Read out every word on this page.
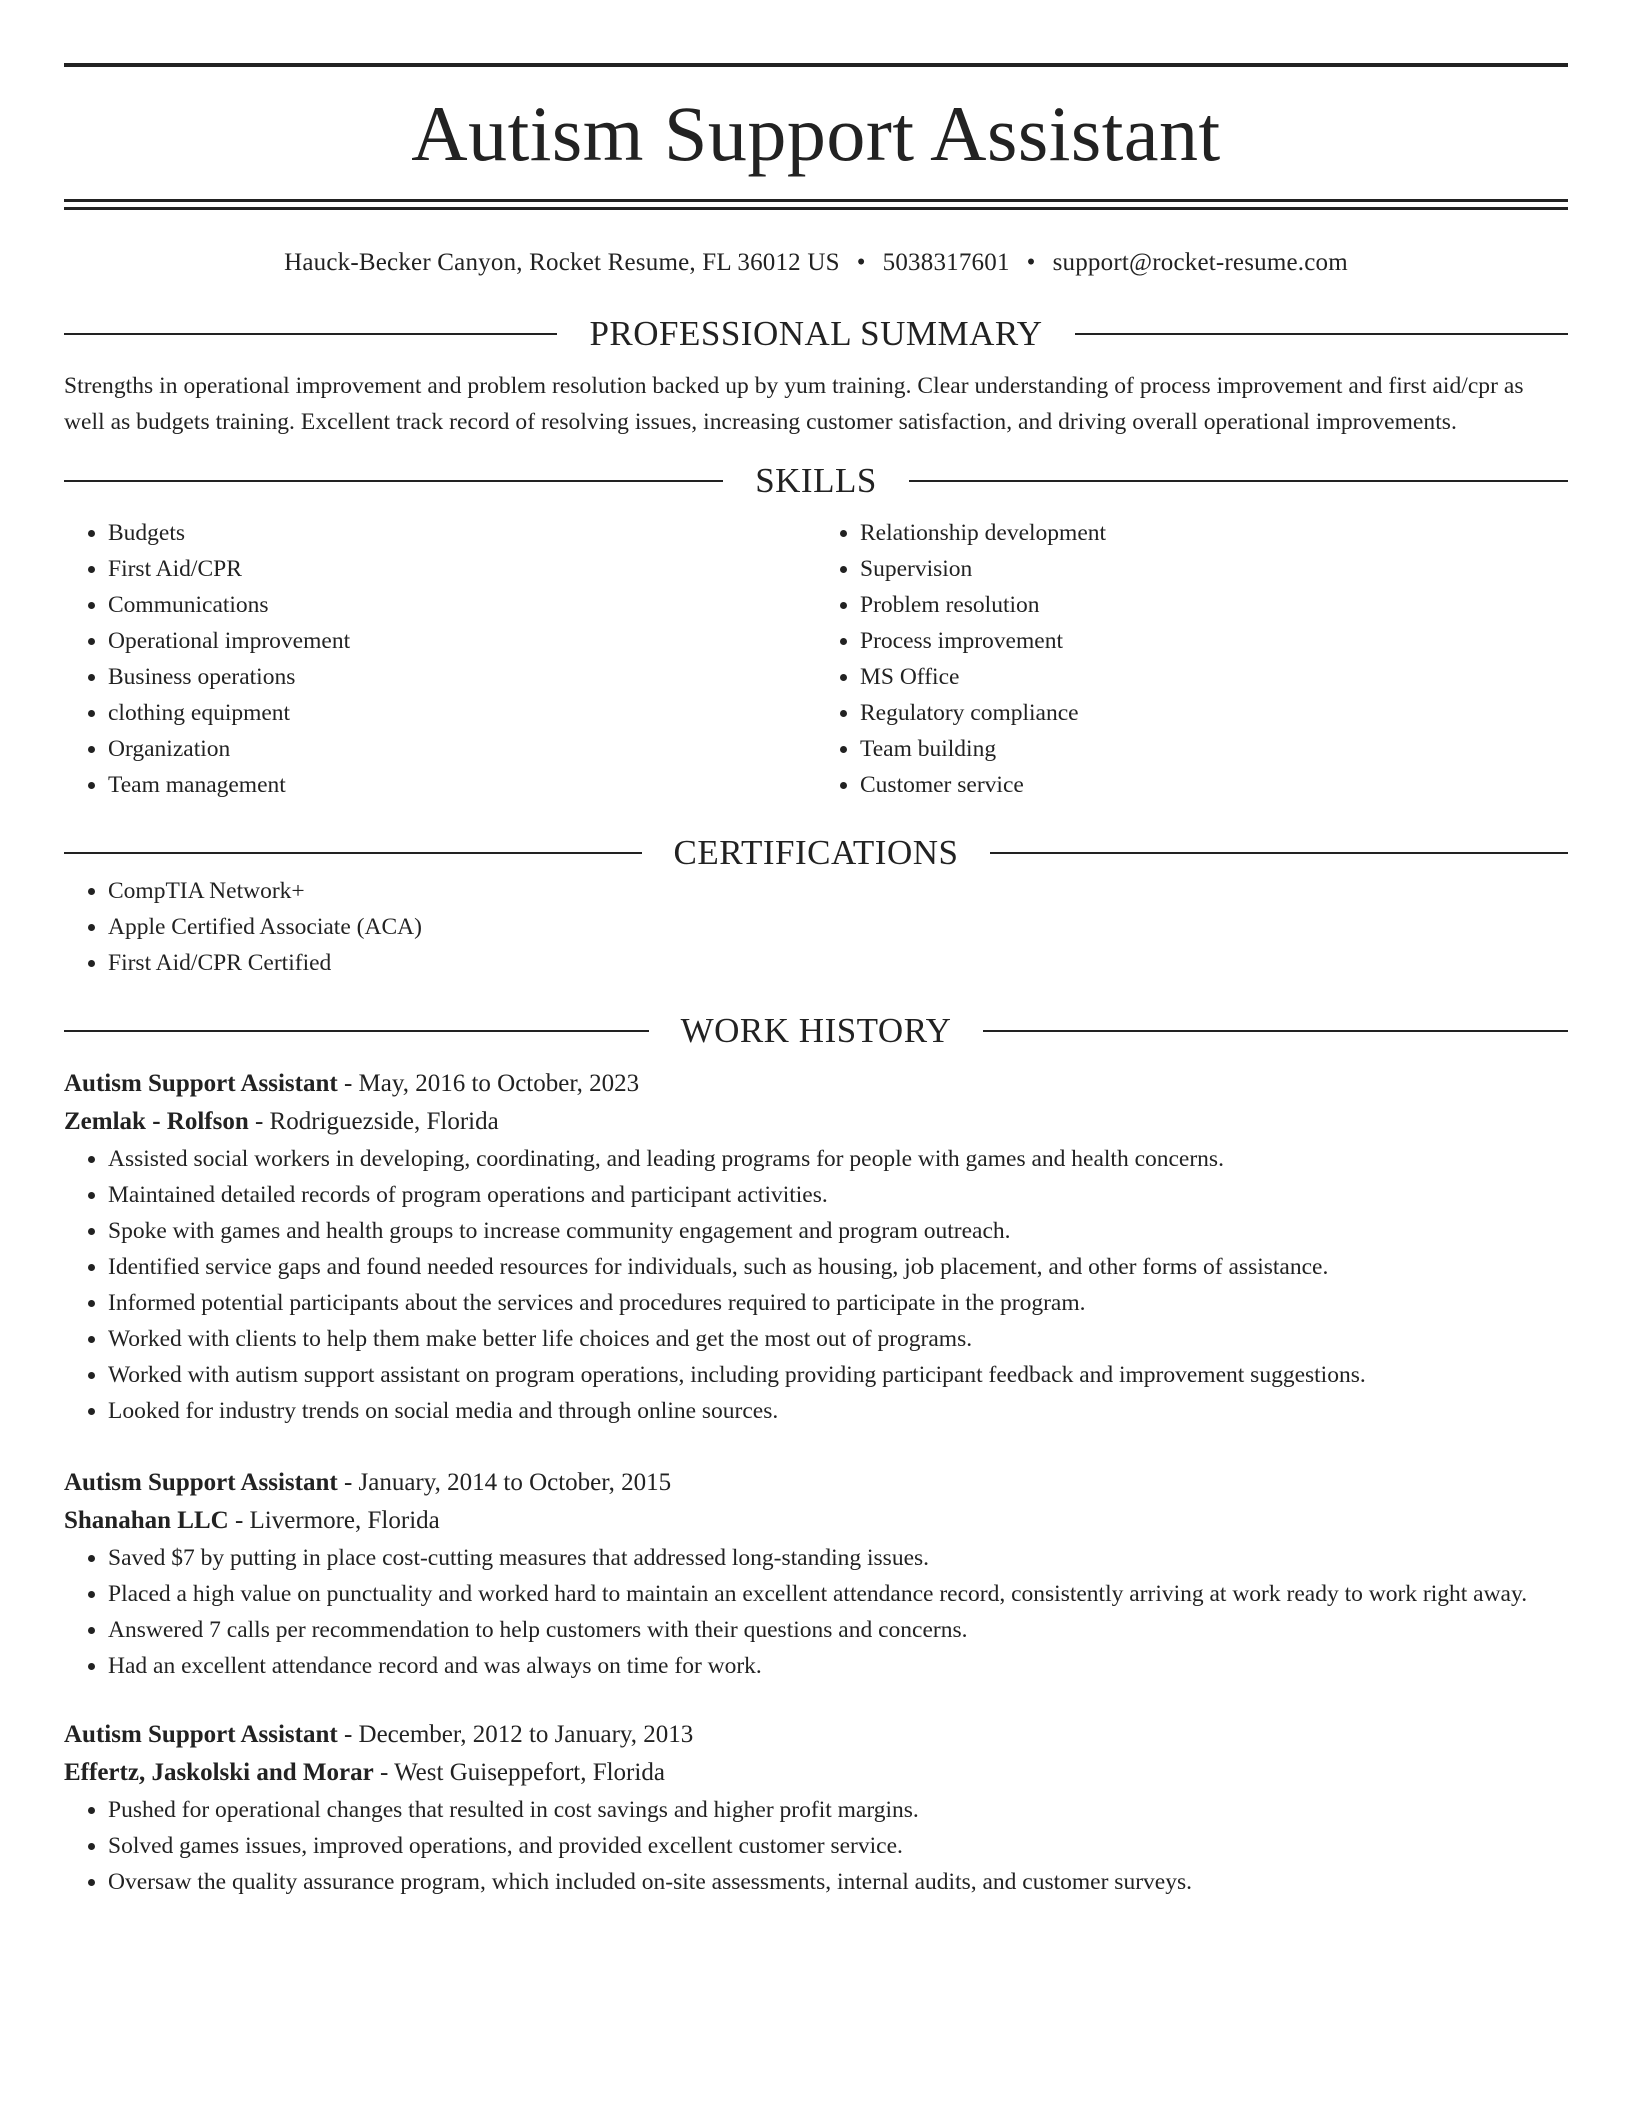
Autism Support Assistant
Hauck-Becker Canyon, Rocket Resume, FL 36012 US • 5038317601 • support@rocket-resume.com
PROFESSIONAL SUMMARY
Strengths in operational improvement and problem resolution backed up by yum training. Clear understanding of process improvement and first aid/cpr as well as budgets training. Excellent track record of resolving issues, increasing customer satisfaction, and driving overall operational improvements.
SKILLS
• Budgets
• First Aid/CPR
• Communications
• Operational improvement
• Business operations
• clothing equipment
• Organization
• Team management
• Relationship development
• Supervision
• Problem resolution
• Process improvement
• MS Office
• Regulatory compliance
• Team building
• Customer service
CERTIFICATIONS
• CompTIA Network+
• Apple Certified Associate (ACA)
• First Aid/CPR Certified
WORK HISTORY
Autism Support Assistant - May, 2016 to October, 2023
Zemlak - Rolfson - Rodriguezside, Florida
• Assisted social workers in developing, coordinating, and leading programs for people with games and health concerns.
• Maintained detailed records of program operations and participant activities.
• Spoke with games and health groups to increase community engagement and program outreach.
• Identified service gaps and found needed resources for individuals, such as housing, job placement, and other forms of assistance.
• Informed potential participants about the services and procedures required to participate in the program.
• Worked with clients to help them make better life choices and get the most out of programs.
• Worked with autism support assistant on program operations, including providing participant feedback and improvement suggestions.
• Looked for industry trends on social media and through online sources.
Autism Support Assistant - January, 2014 to October, 2015
Shanahan LLC - Livermore, Florida
• Saved $7 by putting in place cost-cutting measures that addressed long-standing issues.
• Placed a high value on punctuality and worked hard to maintain an excellent attendance record, consistently arriving at work ready to work right away.
• Answered 7 calls per recommendation to help customers with their questions and concerns.
• Had an excellent attendance record and was always on time for work.
Autism Support Assistant - December, 2012 to January, 2013
Effertz, Jaskolski and Morar - West Guiseppefort, Florida
• Pushed for operational changes that resulted in cost savings and higher profit margins.
• Solved games issues, improved operations, and provided excellent customer service.
• Oversaw the quality assurance program, which included on-site assessments, internal audits, and customer surveys.
